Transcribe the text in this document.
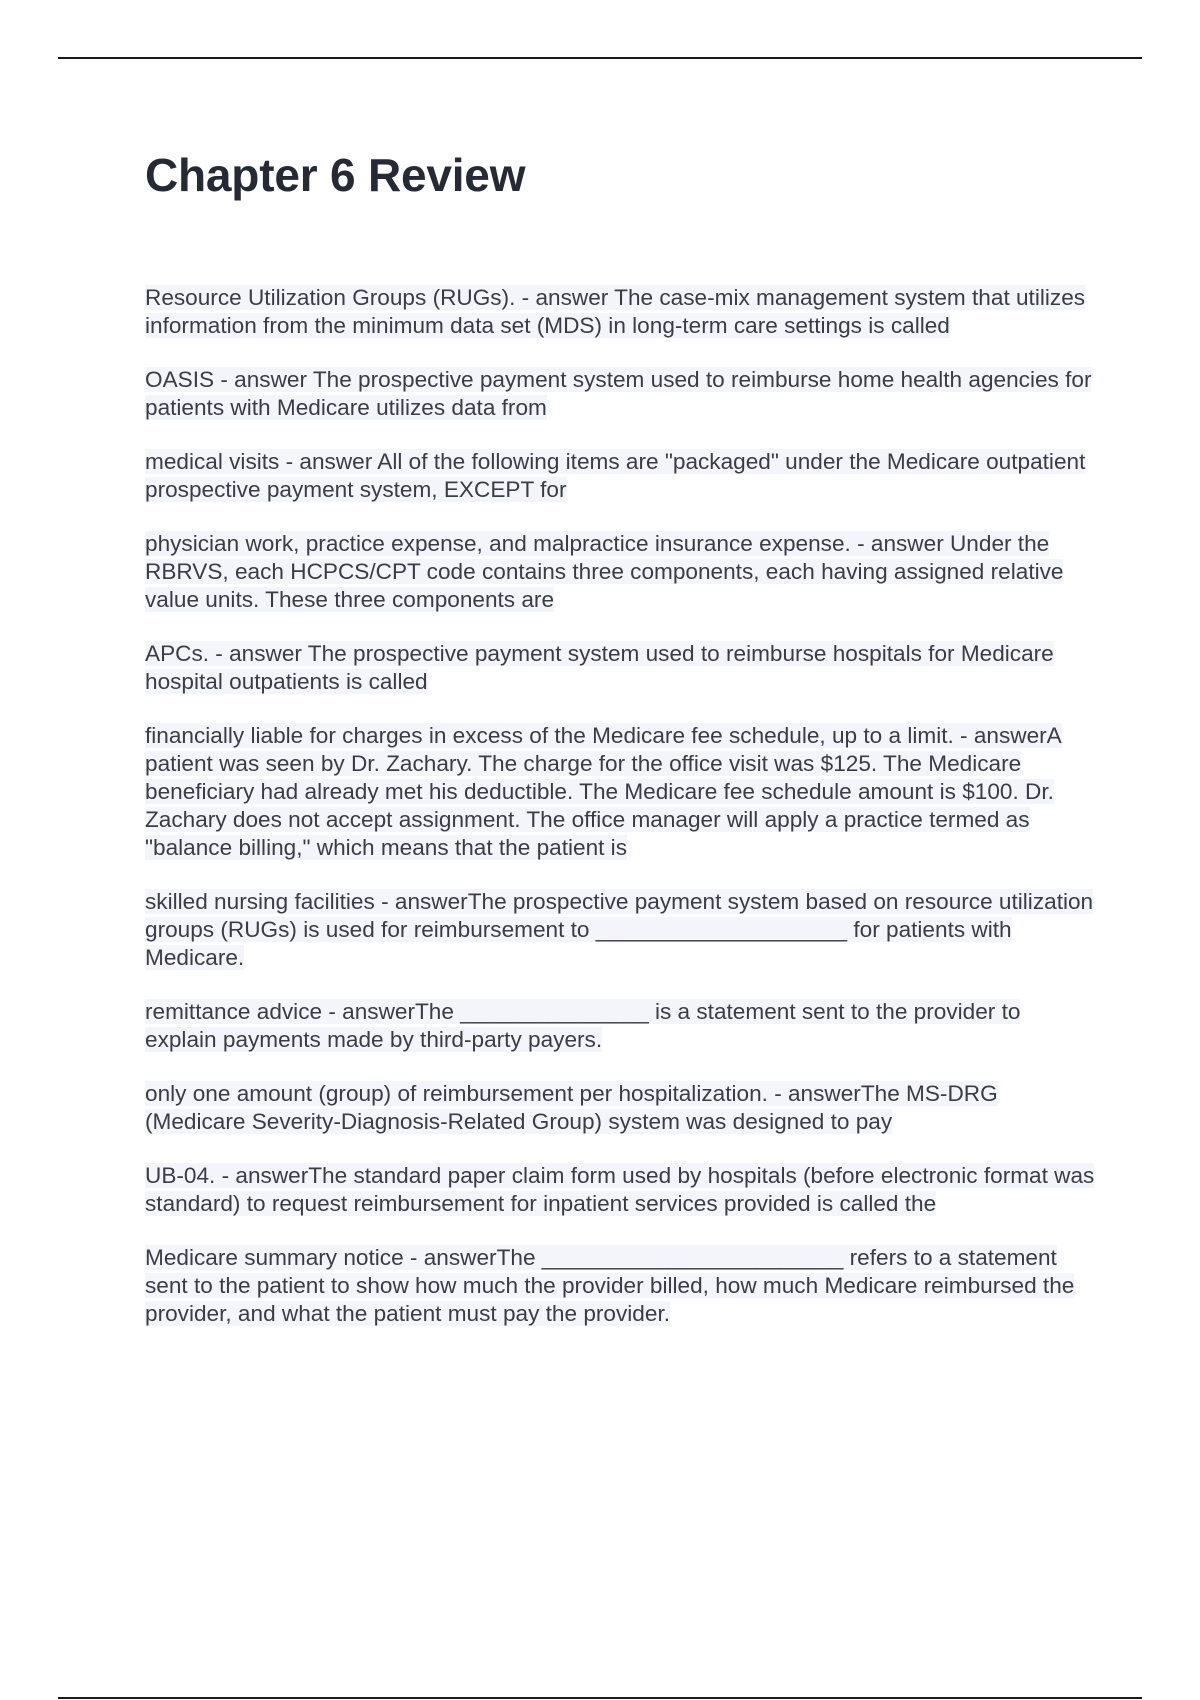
Chapter 6 Review

Resource Utilization Groups (RUGs). - answer The case-mix management system that utilizes information from the minimum data set (MDS) in long-term care settings is called

OASIS - answer The prospective payment system used to reimburse home health agencies for patients with Medicare utilizes data from

medical visits - answer All of the following items are "packaged" under the Medicare outpatient prospective payment system, EXCEPT for

physician work, practice expense, and malpractice insurance expense. - answer Under the RBRVS, each HCPCS/CPT code contains three components, each having assigned relative value units. These three components are

APCs. - answer The prospective payment system used to reimburse hospitals for Medicare hospital outpatients is called

financially liable for charges in excess of the Medicare fee schedule, up to a limit. - answerA patient was seen by Dr. Zachary. The charge for the office visit was $125. The Medicare beneficiary had already met his deductible. The Medicare fee schedule amount is $100. Dr. Zachary does not accept assignment. The office manager will apply a practice termed as "balance billing," which means that the patient is

skilled nursing facilities - answerThe prospective payment system based on resource utilization groups (RUGs) is used for reimbursement to ____________________ for patients with Medicare.

remittance advice - answerThe _______________ is a statement sent to the provider to explain payments made by third-party payers.

only one amount (group) of reimbursement per hospitalization. - answerThe MS-DRG (Medicare Severity-Diagnosis-Related Group) system was designed to pay

UB-04. - answerThe standard paper claim form used by hospitals (before electronic format was standard) to request reimbursement for inpatient services provided is called the

Medicare summary notice - answerThe ________________________ refers to a statement sent to the patient to show how much the provider billed, how much Medicare reimbursed the provider, and what the patient must pay the provider.
